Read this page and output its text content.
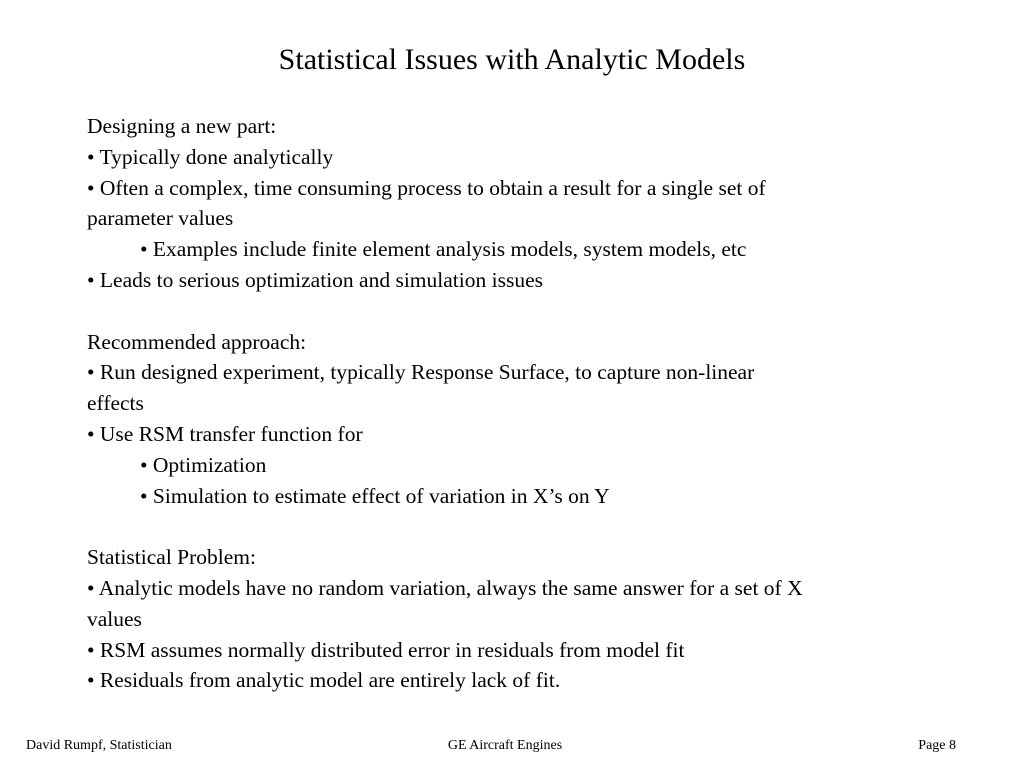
Statistical Issues with Analytic Models
Designing a new part:
• Typically done analytically
• Often a complex, time consuming process to obtain a result for a single set of
parameter values
• Examples include finite element analysis models, system models, etc
• Leads to serious optimization and simulation issues
Recommended approach:
• Run designed experiment, typically Response Surface, to capture non-linear
effects
• Use RSM transfer function for
• Optimization
• Simulation to estimate effect of variation in X’s on Y
Statistical Problem:
• Analytic models have no random variation, always the same answer for a set of X
values
• RSM assumes normally distributed error in residuals from model fit
• Residuals from analytic model are entirely lack of fit.
David Rumpf, Statistician	GE Aircraft Engines	Page 8
